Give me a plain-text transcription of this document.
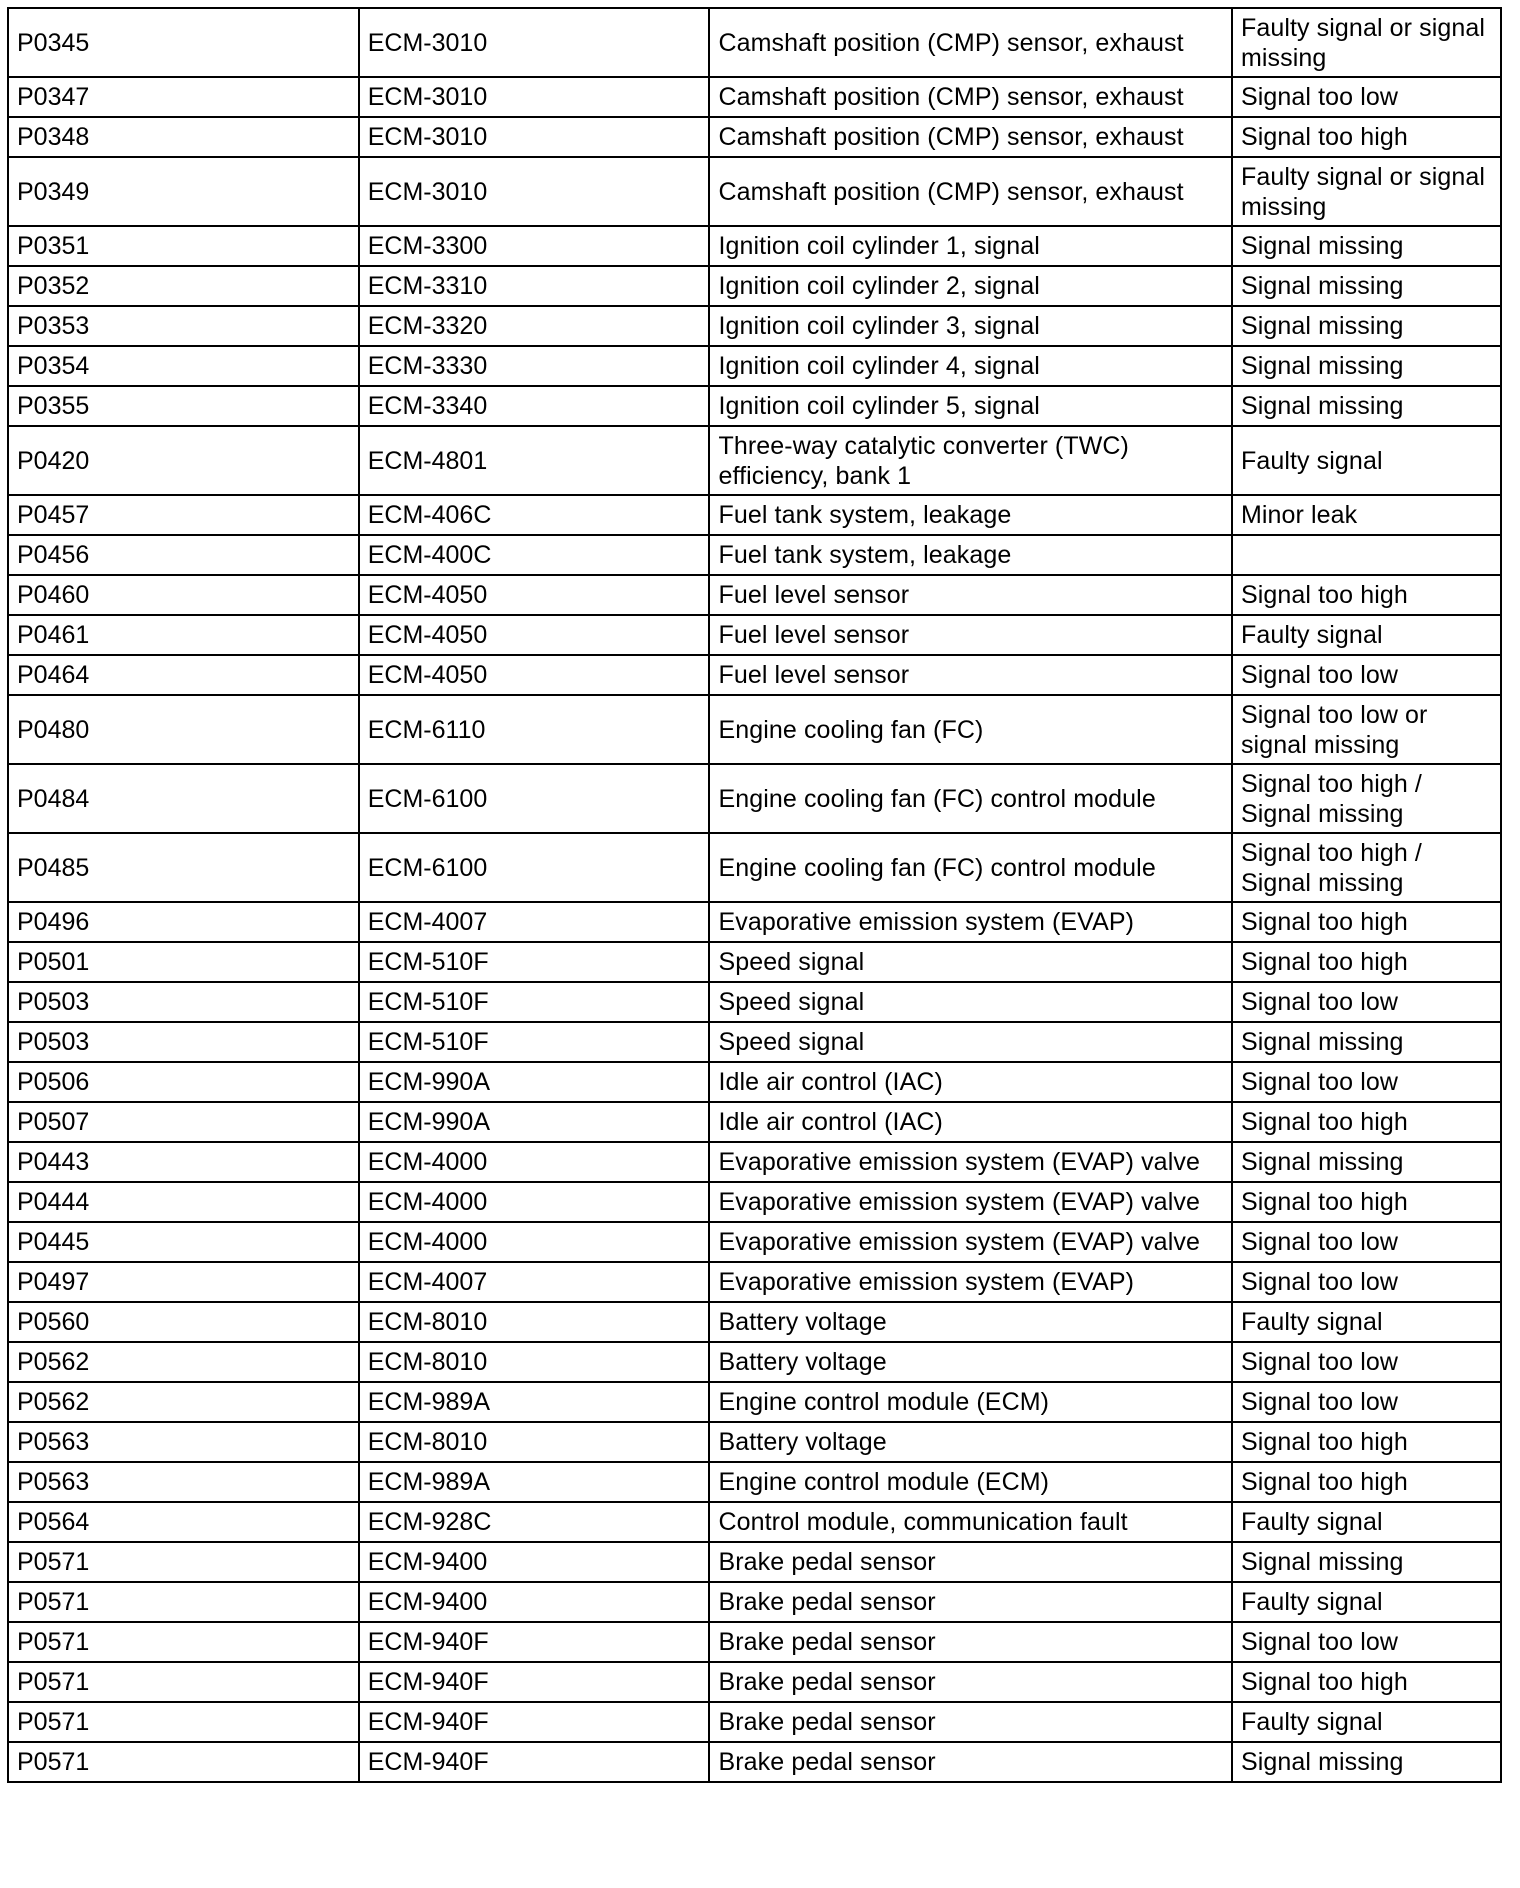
P0345	ECM-3010	Camshaft position (CMP) sensor, exhaust	Faulty signal or signal missing
P0347	ECM-3010	Camshaft position (CMP) sensor, exhaust	Signal too low
P0348	ECM-3010	Camshaft position (CMP) sensor, exhaust	Signal too high
P0349	ECM-3010	Camshaft position (CMP) sensor, exhaust	Faulty signal or signal missing
P0351	ECM-3300	Ignition coil cylinder 1, signal	Signal missing
P0352	ECM-3310	Ignition coil cylinder 2, signal	Signal missing
P0353	ECM-3320	Ignition coil cylinder 3, signal	Signal missing
P0354	ECM-3330	Ignition coil cylinder 4, signal	Signal missing
P0355	ECM-3340	Ignition coil cylinder 5, signal	Signal missing
P0420	ECM-4801	Three-way catalytic converter (TWC) efficiency, bank 1	Faulty signal
P0457	ECM-406C	Fuel tank system, leakage	Minor leak
P0456	ECM-400C	Fuel tank system, leakage	
P0460	ECM-4050	Fuel level sensor	Signal too high
P0461	ECM-4050	Fuel level sensor	Faulty signal
P0464	ECM-4050	Fuel level sensor	Signal too low
P0480	ECM-6110	Engine cooling fan (FC)	Signal too low or signal missing
P0484	ECM-6100	Engine cooling fan (FC) control module	Signal too high / Signal missing
P0485	ECM-6100	Engine cooling fan (FC) control module	Signal too high / Signal missing
P0496	ECM-4007	Evaporative emission system (EVAP)	Signal too high
P0501	ECM-510F	Speed signal	Signal too high
P0503	ECM-510F	Speed signal	Signal too low
P0503	ECM-510F	Speed signal	Signal missing
P0506	ECM-990A	Idle air control (IAC)	Signal too low
P0507	ECM-990A	Idle air control (IAC)	Signal too high
P0443	ECM-4000	Evaporative emission system (EVAP) valve	Signal missing
P0444	ECM-4000	Evaporative emission system (EVAP) valve	Signal too high
P0445	ECM-4000	Evaporative emission system (EVAP) valve	Signal too low
P0497	ECM-4007	Evaporative emission system (EVAP)	Signal too low
P0560	ECM-8010	Battery voltage	Faulty signal
P0562	ECM-8010	Battery voltage	Signal too low
P0562	ECM-989A	Engine control module (ECM)	Signal too low
P0563	ECM-8010	Battery voltage	Signal too high
P0563	ECM-989A	Engine control module (ECM)	Signal too high
P0564	ECM-928C	Control module, communication fault	Faulty signal
P0571	ECM-9400	Brake pedal sensor	Signal missing
P0571	ECM-9400	Brake pedal sensor	Faulty signal
P0571	ECM-940F	Brake pedal sensor	Signal too low
P0571	ECM-940F	Brake pedal sensor	Signal too high
P0571	ECM-940F	Brake pedal sensor	Faulty signal
P0571	ECM-940F	Brake pedal sensor	Signal missing
